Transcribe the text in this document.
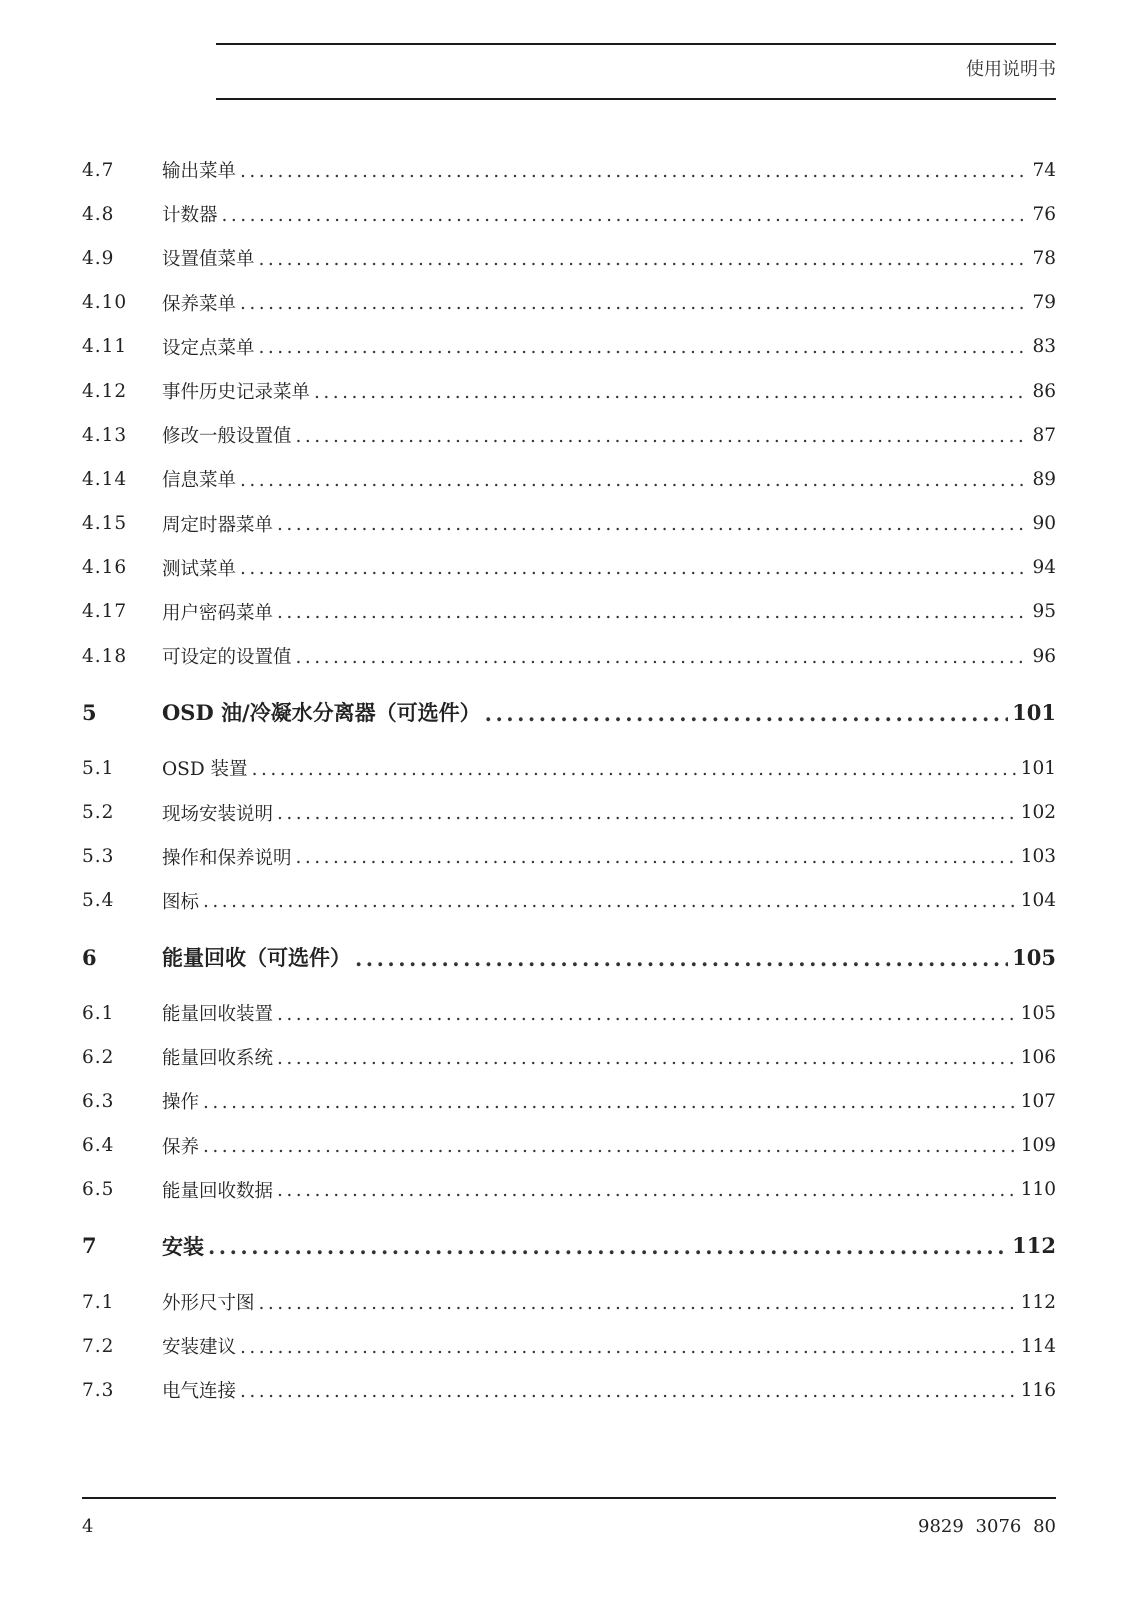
使用说明书
4.7	输出菜单 .....	74
4.8	计数器 .....	76
4.9	设置值菜单 .....	78
4.10	保养菜单 .....	79
4.11	设定点菜单 .....	83
4.12	事件历史记录菜单 .....	86
4.13	修改一般设置值 .....	87
4.14	信息菜单 .....	89
4.15	周定时器菜单 .....	90
4.16	测试菜单 .....	94
4.17	用户密码菜单 .....	95
4.18	可设定的设置值 .....	96
5	OSD 油/冷凝水分离器（可选件） .....	101
5.1	OSD 装置 .....	101
5.2	现场安装说明 .....	102
5.3	操作和保养说明 .....	103
5.4	图标 .....	104
6	能量回收（可选件） .....	105
6.1	能量回收装置 .....	105
6.2	能量回收系统 .....	106
6.3	操作 .....	107
6.4	保养 .....	109
6.5	能量回收数据 .....	110
7	安装 .....	112
7.1	外形尺寸图 .....	112
7.2	安装建议 .....	114
7.3	电气连接 .....	116
4	9829 3076 80
